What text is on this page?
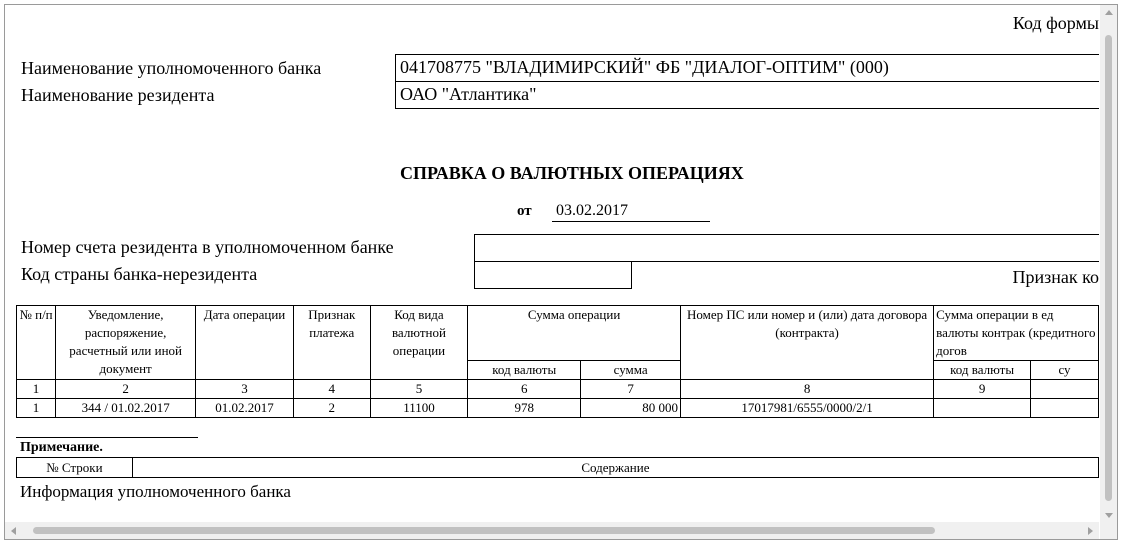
Код формы
Наименование уполномоченного банка	041708775 "ВЛАДИМИРСКИЙ" ФБ "ДИАЛОГ-ОПТИМ" (000)
Наименование резидента	ОАО "Атлантика"
СПРАВКА О ВАЛЮТНЫХ ОПЕРАЦИЯХ
от 03.02.2017
Номер счета резидента в уполномоченном банке
Код страны банка-нерезидента	Признак ко
№ п/п	Уведомление, распоряжение, расчетный или иной документ	Дата операции	Признак платежа	Код вида валютной операции	Сумма операции		Номер ПС или номер и (или) дата договора (контракта)	Сумма операции в ед валюты контрак (кредитного догов	
					код валюты	сумма		код валюты	су
1	2	3	4	5	6	7	8	9	
1	344 / 01.02.2017	01.02.2017	2	11100	978	80 000	17017981/6555/0000/2/1		
Примечание.
№ Строки	Содержание
Информация уполномоченного банка
